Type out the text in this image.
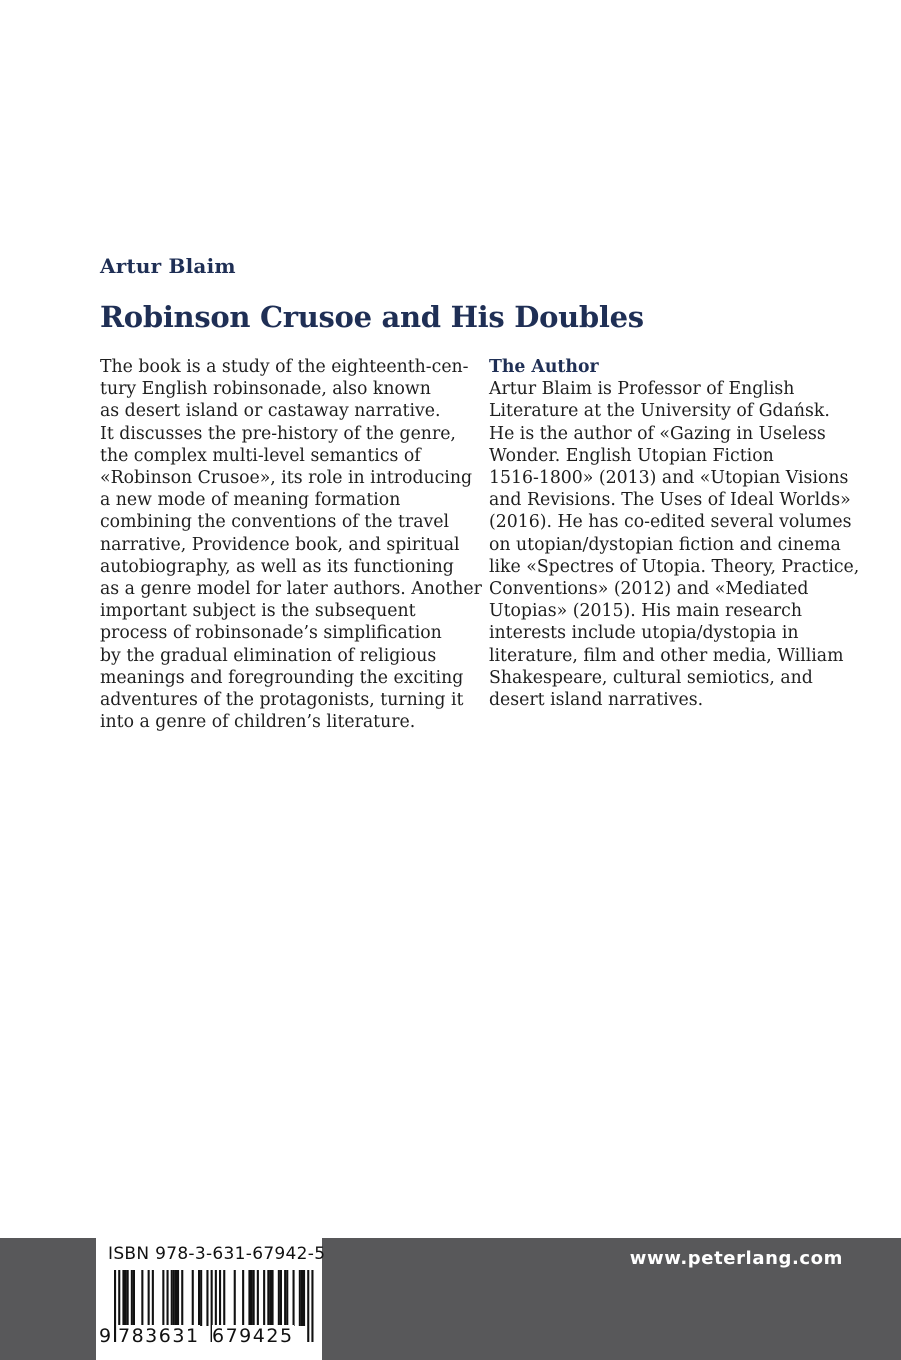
Artur Blaim
Robinson Crusoe and His Doubles
The book is a study of the eighteenth-cen-
tury English robinsonade, also known
as desert island or castaway narrative.
It discusses the pre-history of the genre,
the complex multi-level semantics of
«Robinson Crusoe», its role in introducing
a new mode of meaning formation
combining the conventions of the travel
narrative, Providence book, and spiritual
autobiography, as well as its functioning
as a genre model for later authors. Another
important subject is the subsequent
process of robinsonade’s simplification
by the gradual elimination of religious
meanings and foregrounding the exciting
adventures of the protagonists, turning it
into a genre of children’s literature.
The Author
Artur Blaim is Professor of English
Literature at the University of Gdańsk.
He is the author of «Gazing in Useless
Wonder. English Utopian Fiction
1516-1800» (2013) and «Utopian Visions
and Revisions. The Uses of Ideal Worlds»
(2016). He has co-edited several volumes
on utopian/dystopian fiction and cinema
like «Spectres of Utopia. Theory, Practice,
Conventions» (2012) and «Mediated
Utopias» (2015). His main research
interests include utopia/dystopia in
literature, film and other media, William
Shakespeare, cultural semiotics, and
desert island narratives.
www.peterlang.com
ISBN 978-3-631-67942-5
9 783631 679425
